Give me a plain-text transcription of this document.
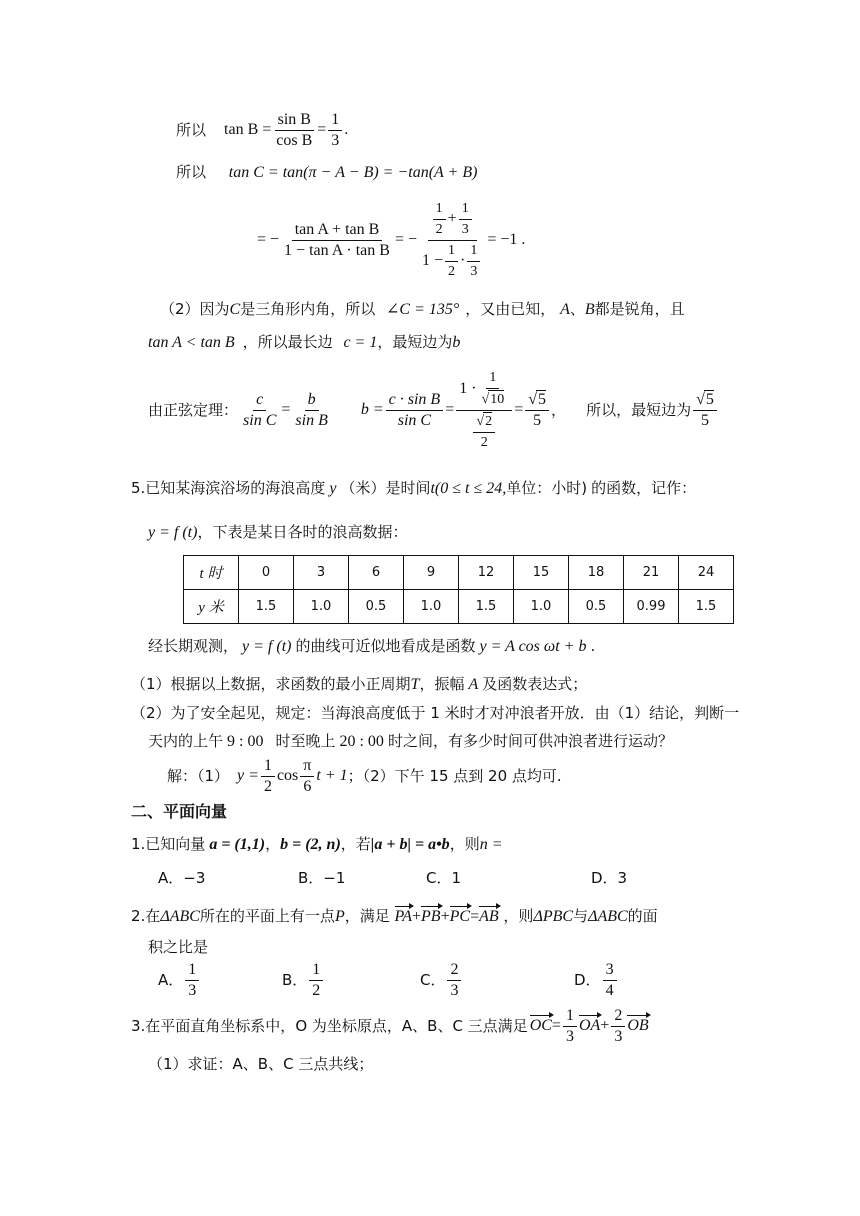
所以 $\tan B = \frac{\text{sin B}}{\text{cos B}} = \frac{1}{3}$ .
所以 tan C = tan(π − A − B) = −tan(A + B)
= − $\frac{\text{tan A + tan B}}{\text{1 − tan A · tan B}}$ = − $\frac{\frac{1}{2} + \frac{1}{3}}{1 - \frac{1}{2} \cdot \frac{1}{3}} = -1$ .
（2）因为C是三角形内角，所以 ∠C = 135° ，又由已知， A、B都是锐角，且
tan A < tan B ，所以最长边 c = 1，最短边为b
由正弦定理： $\frac{c}{\text{sin C}} = \frac{b}{\text{sin B}}$ $b = \frac{\text{c · sin B}}{\text{sin C}} = \frac{1 \cdot \frac{1}{√10}}{\frac{√2}{2}} = \frac{√5}{5}$ ， 所以，最短边为 $\frac{√5}{5}$
5.已知某海滨浴场的海浪高度 y （米）是时间t(0 ≤ t ≤ 24,单位：小时) 的函数，记作：
y = f (t)，下表是某日各时的浪高数据：
t 时	0	3	6	9	12	15	18	21	24
y 米	1.5	1.0	0.5	1.0	1.5	1.0	0.5	0.99	1.5
经长期观测， y = f (t) 的曲线可近似地看成是函数 y = A cos ωt + b .
（1）根据以上数据，求函数的最小正周期T，振幅 A 及函数表达式；
（2）为了安全起见，规定：当海浪高度低于 1 米时才对冲浪者开放．由（1）结论，判断一
天内的上午 9 : 00 时至晚上 20 : 00 时之间，有多少时间可供冲浪者进行运动？
解：（1） $y = \frac{1}{2}$ $\cos \frac{\pi}{6}$ t + 1 ；（2）下午 15 点到 20 点均可.
二、平面向量
1.已知向量 a = (1,1)，b = (2, n)，若|a + b| = a•b，则n =
A．−3	B．−1	C．1	D．3
2.在ΔABC所在的平面上有一点P，满足 PA+PB+PC=AB ，则ΔPBC与ΔABC的面
积之比是
A． $\frac{1}{3}$	B． $\frac{1}{2}$	C． $\frac{2}{3}$	D． $\frac{3}{4}$
3.在平面直角坐标系中，O 为坐标原点，A、B、C 三点满足 OC = $\frac{1}{3}$ OA + $\frac{2}{3}$ OB
（1）求证：A、B、C 三点共线；
